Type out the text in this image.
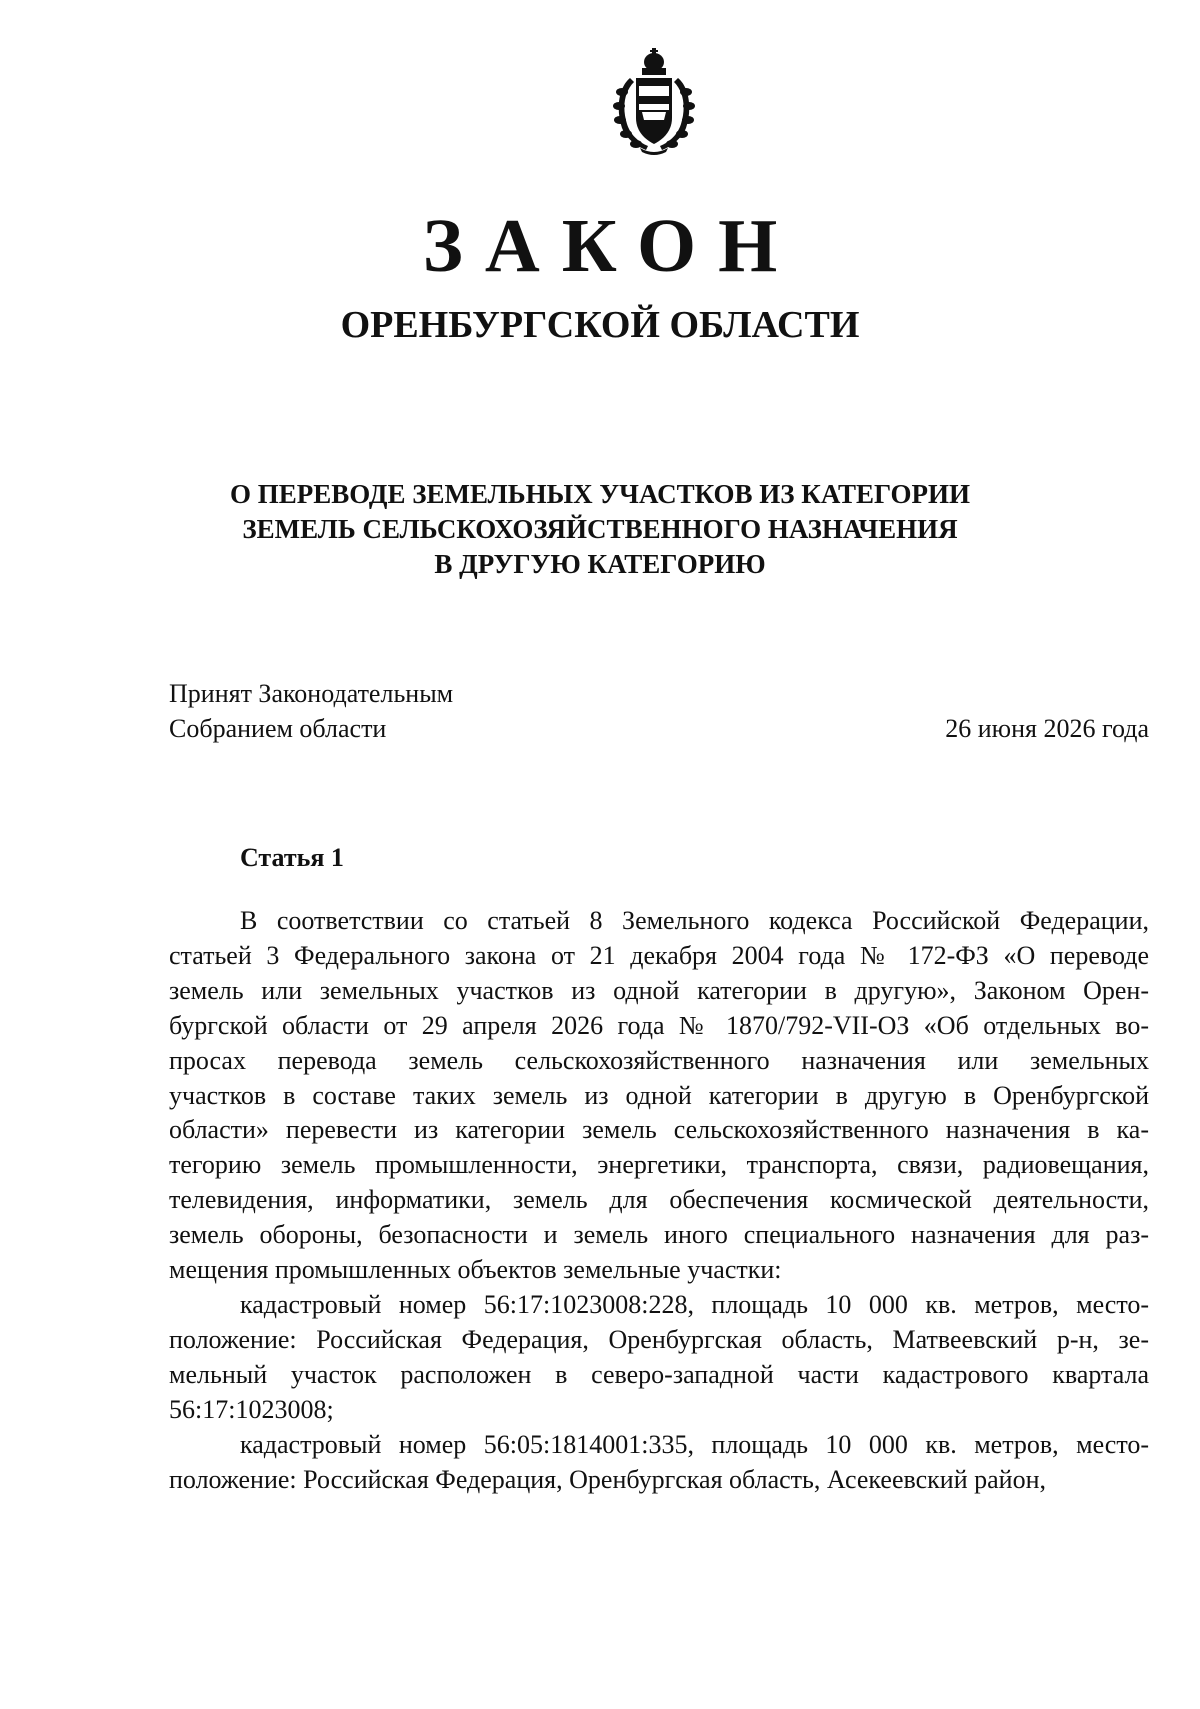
ЗАКОН
ОРЕНБУРГСКОЙ ОБЛАСТИ
О ПЕРЕВОДЕ ЗЕМЕЛЬНЫХ УЧАСТКОВ ИЗ КАТЕГОРИИ
ЗЕМЕЛЬ СЕЛЬСКОХОЗЯЙСТВЕННОГО НАЗНАЧЕНИЯ
В ДРУГУЮ КАТЕГОРИЮ
Принят Законодательным
Собранием области	26 июня 2026 года
Статья 1
В соответствии со статьей 8 Земельного кодекса Российской Федерации,
статьей 3 Федерального закона от 21 декабря 2004 года № 172-ФЗ «О переводе
земель или земельных участков из одной категории в другую», Законом Орен-
бургской области от 29 апреля 2026 года № 1870/792-VII-ОЗ «Об отдельных во-
просах перевода земель сельскохозяйственного назначения или земельных
участков в составе таких земель из одной категории в другую в Оренбургской
области» перевести из категории земель сельскохозяйственного назначения в ка-
тегорию земель промышленности, энергетики, транспорта, связи, радиовещания,
телевидения, информатики, земель для обеспечения космической деятельности,
земель обороны, безопасности и земель иного специального назначения для раз-
мещения промышленных объектов земельные участки:
кадастровый номер 56:17:1023008:228, площадь 10 000 кв. метров, место-
положение: Российская Федерация, Оренбургская область, Матвеевский р-н, зе-
мельный участок расположен в северо-западной части кадастрового квартала
56:17:1023008;
кадастровый номер 56:05:1814001:335, площадь 10 000 кв. метров, место-
положение: Российская Федерация, Оренбургская область, Асекеевский район,
